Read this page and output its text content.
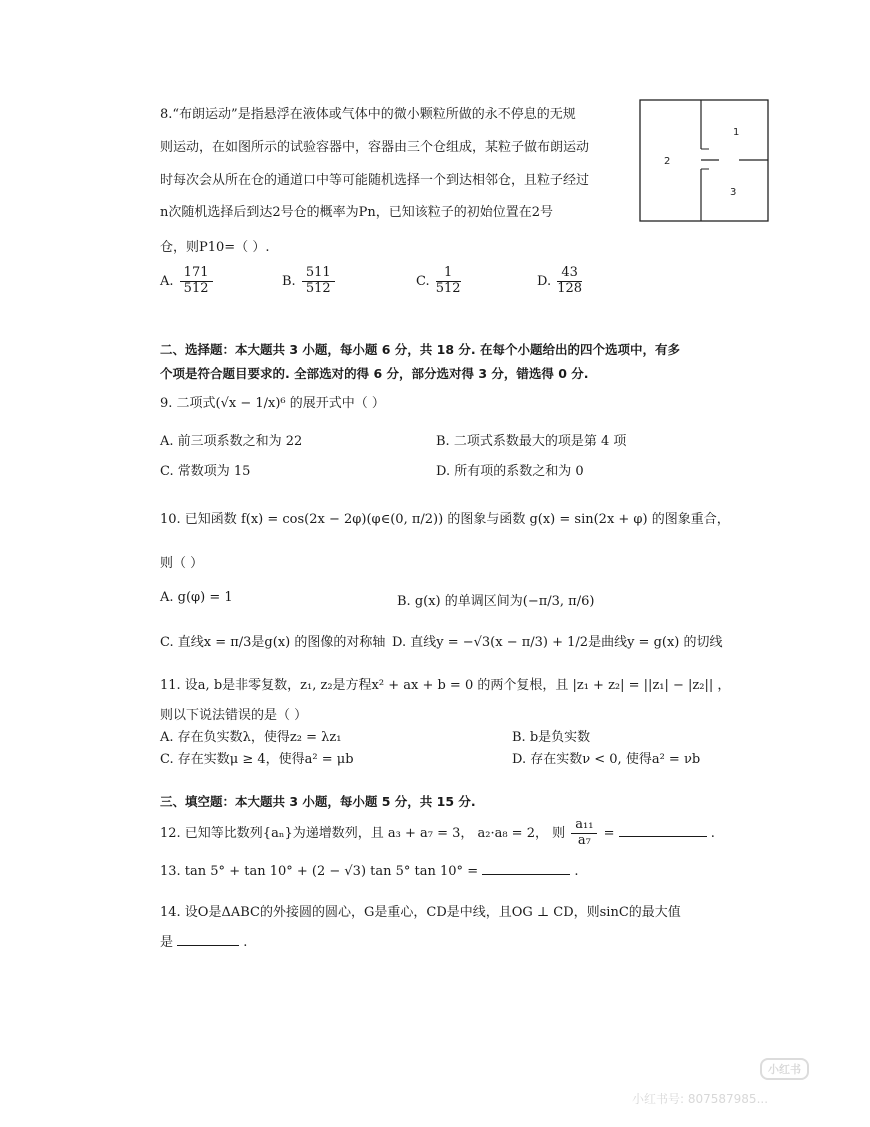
8.“布朗运动”是指悬浮在液体或气体中的微小颗粒所做的永不停息的无规
则运动，在如图所示的试验容器中，容器由三个仓组成，某粒子做布朗运动
时每次会从所在仓的通道口中等可能随机选择一个到达相邻仓，且粒子经过
n次随机选择后到达2号仓的概率为Pn，已知该粒子的初始位置在2号
仓，则P10=（ ）.
1
2
3
A. $\frac{171}{512}$	B. $\frac{511}{512}$	C. $\frac{1}{512}$	D. $\frac{43}{128}$
二、选择题：本大题共 3 小题，每小题 6 分，共 18 分. 在每个小题给出的四个选项中，有多
个项是符合题目要求的. 全部选对的得 6 分，部分选对得 3 分，错选得 0 分.
9. 二项式(√x − 1/x)⁶ 的展开式中（ ）
A. 前三项系数之和为 22	B. 二项式系数最大的项是第 4 项
C. 常数项为 15	D. 所有项的系数之和为 0
10. 已知函数 f(x) = cos(2x − 2φ)(φ∈(0, π/2)) 的图象与函数 g(x) = sin(2x + φ) 的图象重合，
则（ ）
A. g(φ) = 1	B. g(x) 的单调区间为(−π/3, π/6)
C. 直线x = π/3是g(x) 的图像的对称轴 D. 直线y = −√3(x − π/3) + 1/2是曲线y = g(x) 的切线
11. 设a, b是非零复数，z₁, z₂是方程x² + ax + b = 0 的两个复根，且 |z₁ + z₂| = ||z₁| − |z₂|| ，
则以下说法错误的是（ ）
A. 存在负实数λ，使得z₂ = λz₁	B. b是负实数
C. 存在实数μ ≥ 4，使得a² = μb	D. 存在实数ν < 0, 使得a² = νb
三、填空题：本大题共 3 小题，每小题 5 分，共 15 分.
12. 已知等比数列{aₙ}为递增数列，且 a₃ + a₇ = 3， a₂·a₈ = 2， 则 $\frac{\text{a₁₁}}{\text{a₇}}$ =	.
13. tan 5° + tan 10° + (2 − √3) tan 5° tan 10° =	.
14. 设O是ΔABC的外接圆的圆心，G是重心，CD是中线，且OG ⊥ CD，则sinC的最大值
是	.
小红书
小红书号: 807587985...
